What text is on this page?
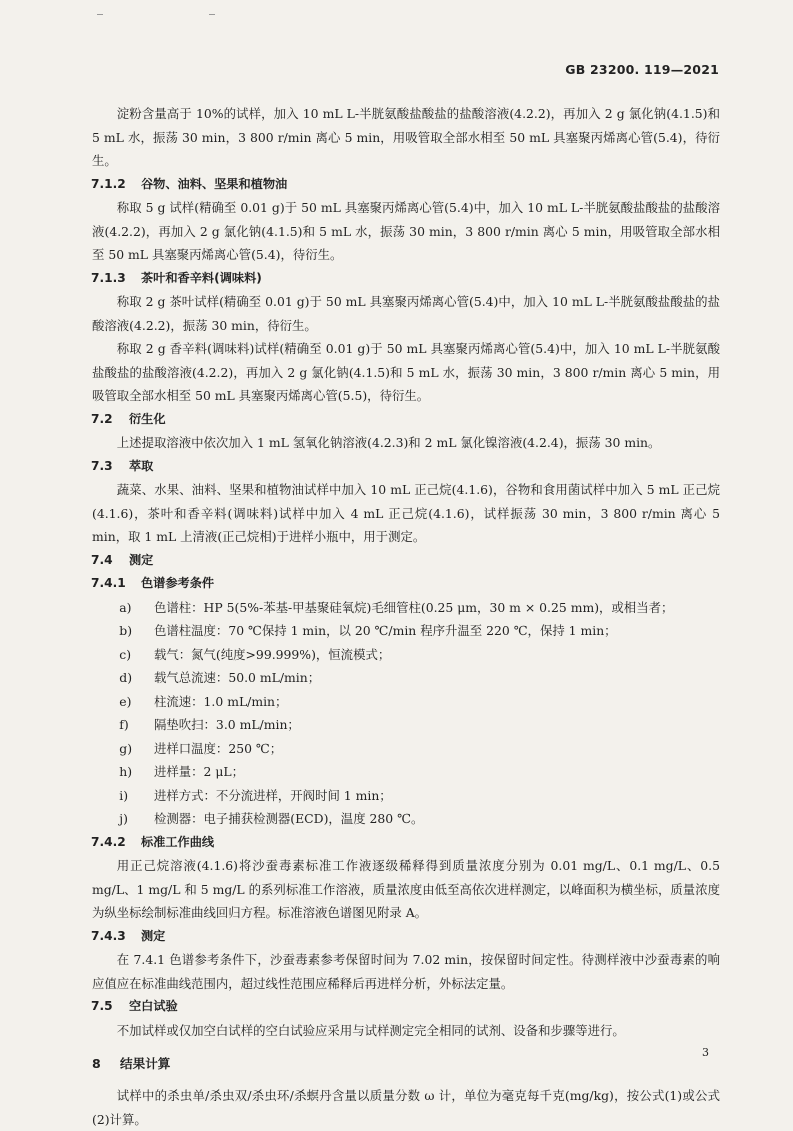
GB 23200. 119—2021

淀粉含量高于 10%的试样，加入 10 mL L-半胱氨酸盐酸盐的盐酸溶液(4.2.2)，再加入 2 g 氯化钠(4.1.5)和 5 mL 水，振荡 30 min，3 800 r/min 离心 5 min，用吸管取全部水相至 50 mL 具塞聚丙烯离心管(5.4)，待衍生。

7.1.2 谷物、油料、坚果和植物油

称取 5 g 试样(精确至 0.01 g)于 50 mL 具塞聚丙烯离心管(5.4)中，加入 10 mL L-半胱氨酸盐酸盐的盐酸溶液(4.2.2)，再加入 2 g 氯化钠(4.1.5)和 5 mL 水，振荡 30 min，3 800 r/min 离心 5 min，用吸管取全部水相至 50 mL 具塞聚丙烯离心管(5.4)，待衍生。

7.1.3 茶叶和香辛料(调味料)

称取 2 g 茶叶试样(精确至 0.01 g)于 50 mL 具塞聚丙烯离心管(5.4)中，加入 10 mL L-半胱氨酸盐酸盐的盐酸溶液(4.2.2)，振荡 30 min，待衍生。

称取 2 g 香辛料(调味料)试样(精确至 0.01 g)于 50 mL 具塞聚丙烯离心管(5.4)中，加入 10 mL L-半胱氨酸盐酸盐的盐酸溶液(4.2.2)，再加入 2 g 氯化钠(4.1.5)和 5 mL 水，振荡 30 min，3 800 r/min 离心 5 min，用吸管取全部水相至 50 mL 具塞聚丙烯离心管(5.5)，待衍生。

7.2 衍生化

上述提取溶液中依次加入 1 mL 氢氧化钠溶液(4.2.3)和 2 mL 氯化镍溶液(4.2.4)，振荡 30 min。

7.3 萃取

蔬菜、水果、油料、坚果和植物油试样中加入 10 mL 正己烷(4.1.6)，谷物和食用菌试样中加入 5 mL 正己烷(4.1.6)，茶叶和香辛料(调味料)试样中加入 4 mL 正己烷(4.1.6)，试样振荡 30 min，3 800 r/min 离心 5 min，取 1 mL 上清液(正己烷相)于进样小瓶中，用于测定。

7.4 测定

7.4.1 色谱参考条件

a) 色谱柱：HP 5(5%-苯基-甲基聚硅氧烷)毛细管柱(0.25 μm，30 m × 0.25 mm)，或相当者；

b) 色谱柱温度：70 ℃保持 1 min，以 20 ℃/min 程序升温至 220 ℃，保持 1 min；

c) 载气：氮气(纯度>99.999%)，恒流模式；

d) 载气总流速：50.0 mL/min；

e) 柱流速：1.0 mL/min；

f) 隔垫吹扫：3.0 mL/min；

g) 进样口温度：250 ℃；

h) 进样量：2 μL；

i) 进样方式：不分流进样，开阀时间 1 min；

j) 检测器：电子捕获检测器(ECD)，温度 280 ℃。

7.4.2 标准工作曲线

用正己烷溶液(4.1.6)将沙蚕毒素标准工作液逐级稀释得到质量浓度分别为 0.01 mg/L、0.1 mg/L、0.5 mg/L、1 mg/L 和 5 mg/L 的系列标准工作溶液，质量浓度由低至高依次进样测定，以峰面积为横坐标，质量浓度为纵坐标绘制标准曲线回归方程。标准溶液色谱图见附录 A。

7.4.3 测定

在 7.4.1 色谱参考条件下，沙蚕毒素参考保留时间为 7.02 min，按保留时间定性。待测样液中沙蚕毒素的响应值应在标准曲线范围内，超过线性范围应稀释后再进样分析，外标法定量。

7.5 空白试验

不加试样或仅加空白试样的空白试验应采用与试样测定完全相同的试剂、设备和步骤等进行。

8 结果计算

试样中的杀虫单/杀虫双/杀虫环/杀螟丹含量以质量分数 ω 计，单位为毫克每千克(mg/kg)，按公式(1)或公式(2)计算。

3
